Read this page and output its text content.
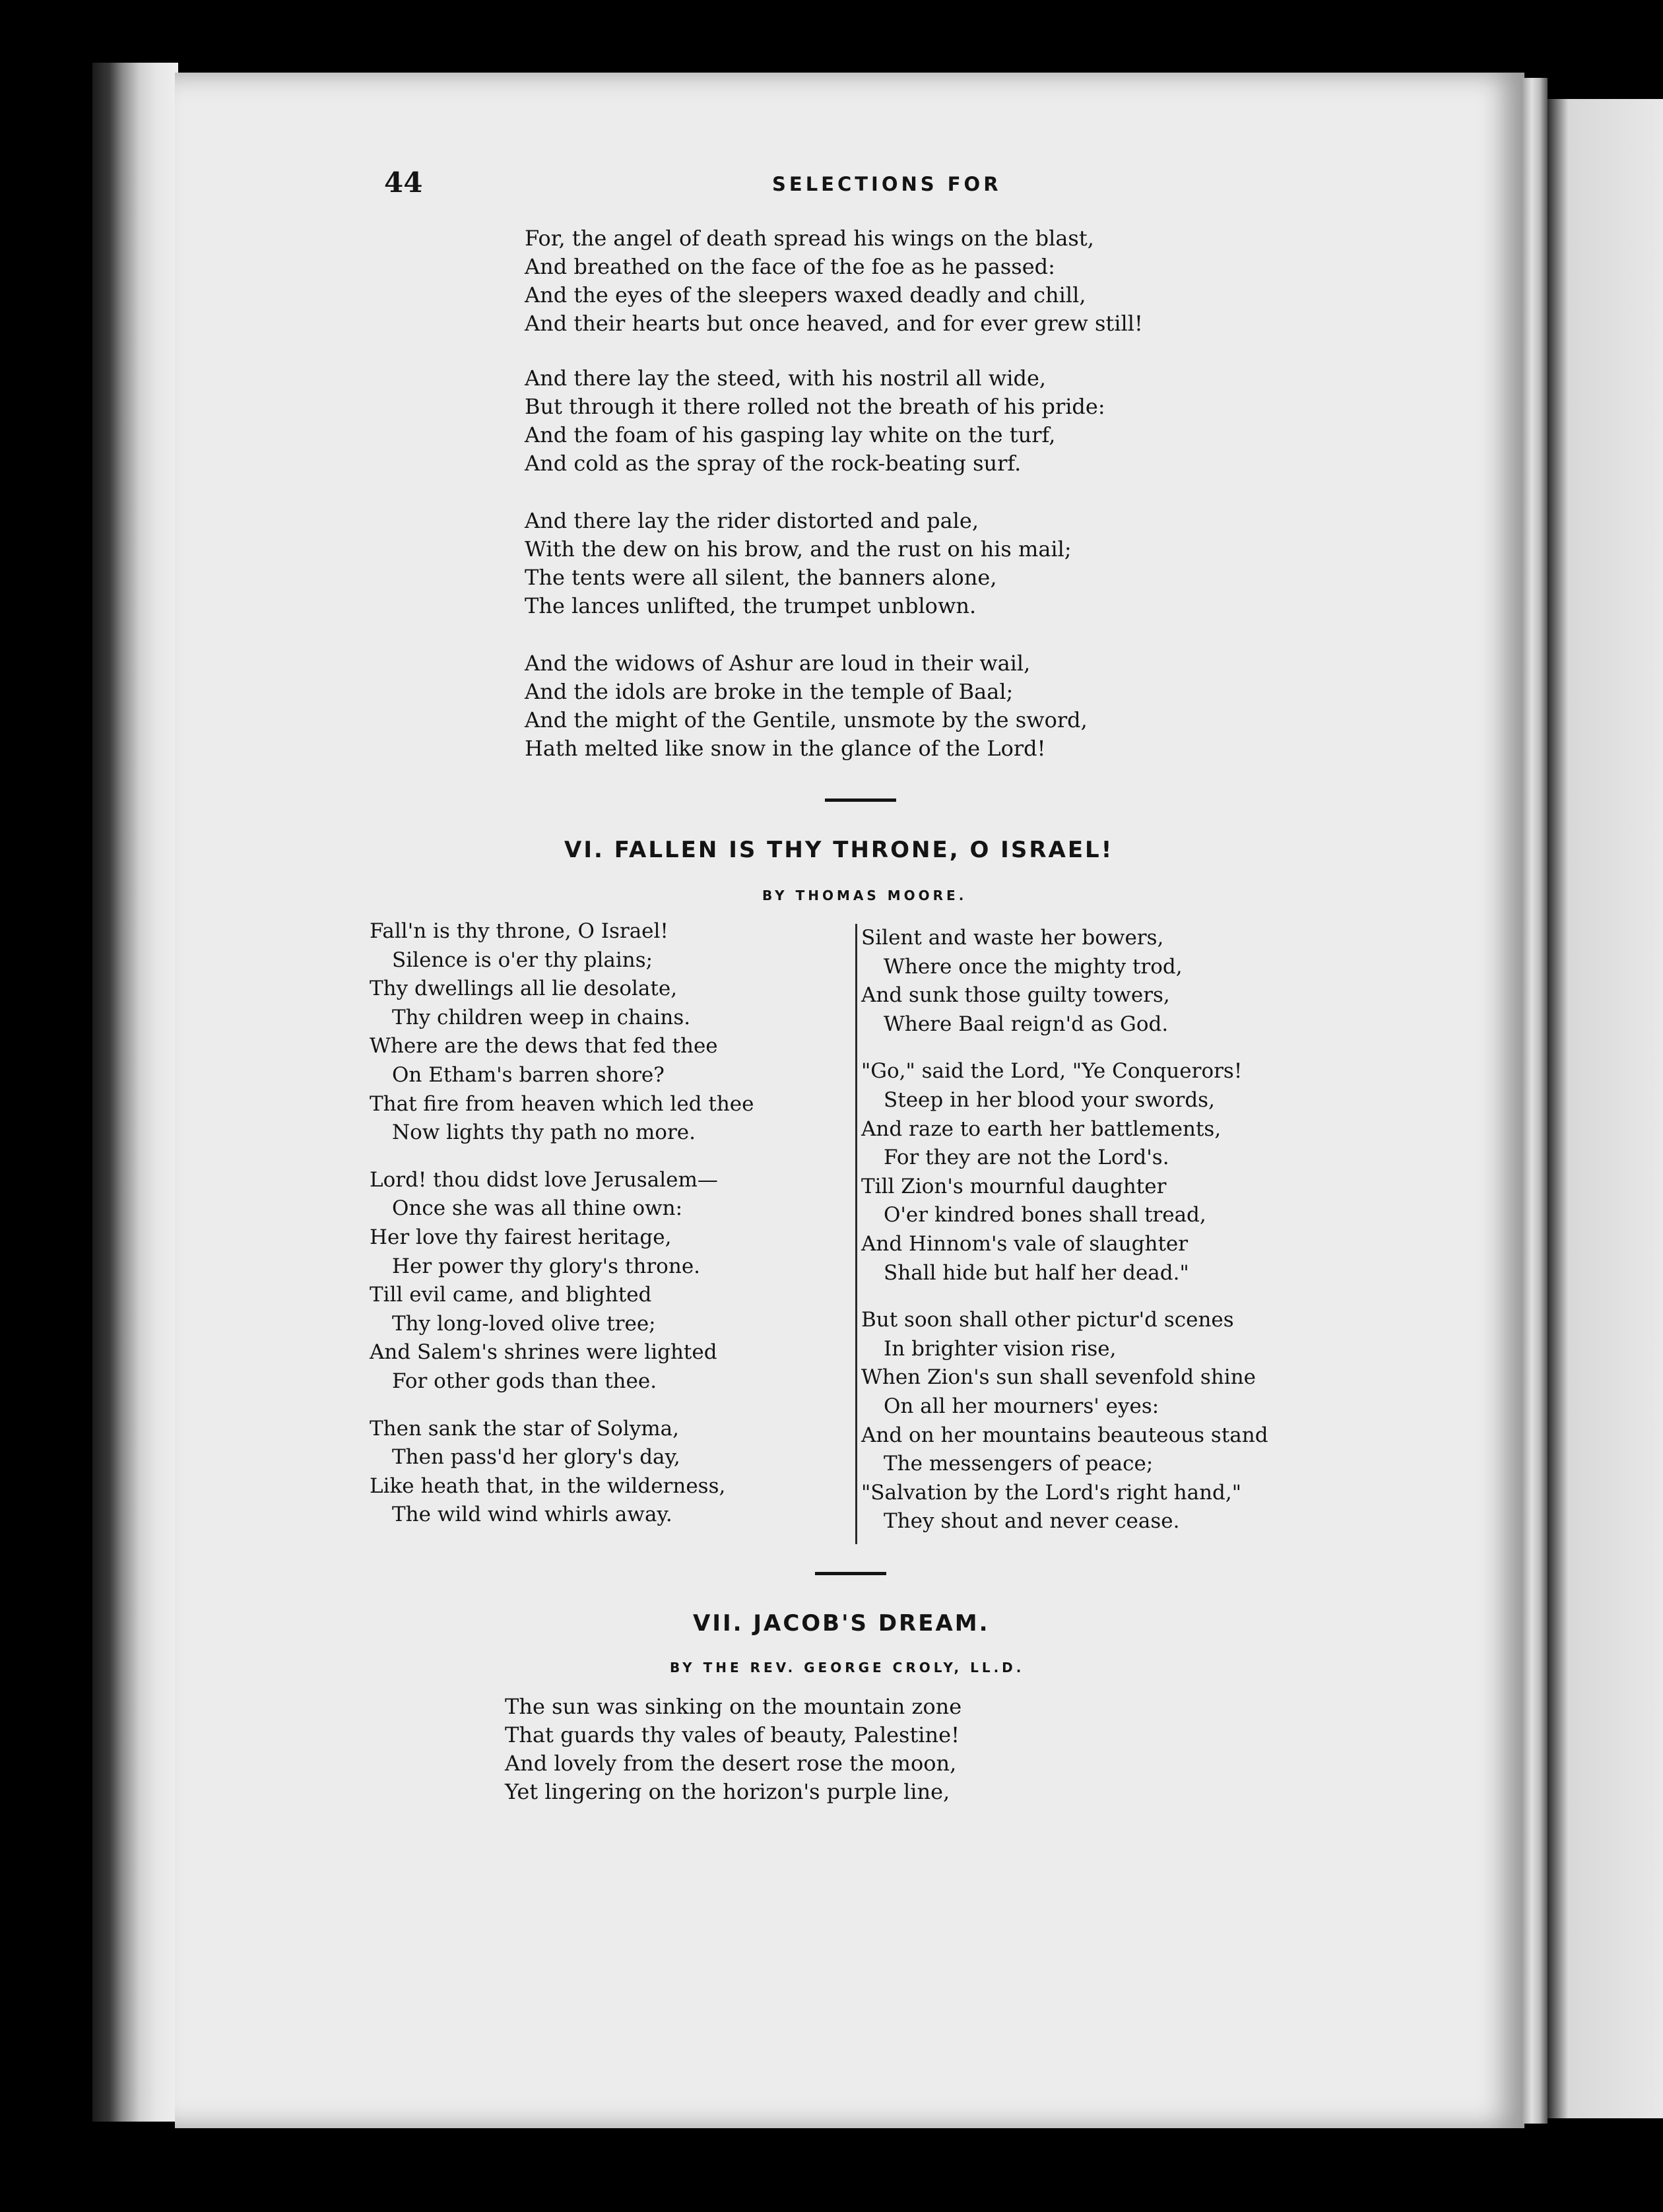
44	SELECTIONS FOR
For, the angel of death spread his wings on the blast,
And breathed on the face of the foe as he passed:
And the eyes of the sleepers waxed deadly and chill,
And their hearts but once heaved, and for ever grew still!
And there lay the steed, with his nostril all wide,
But through it there rolled not the breath of his pride:
And the foam of his gasping lay white on the turf,
And cold as the spray of the rock-beating surf.
And there lay the rider distorted and pale,
With the dew on his brow, and the rust on his mail;
The tents were all silent, the banners alone,
The lances unlifted, the trumpet unblown.
And the widows of Ashur are loud in their wail,
And the idols are broke in the temple of Baal;
And the might of the Gentile, unsmote by the sword,
Hath melted like snow in the glance of the Lord!
VI. FALLEN IS THY THRONE, O ISRAEL!
BY THOMAS MOORE.
Fall'n is thy throne, O Israel!
Silence is o'er thy plains;
Thy dwellings all lie desolate,
Thy children weep in chains.
Where are the dews that fed thee
On Etham's barren shore?
That fire from heaven which led thee
Now lights thy path no more.
Lord! thou didst love Jerusalem—
Once she was all thine own:
Her love thy fairest heritage,
Her power thy glory's throne.
Till evil came, and blighted
Thy long-loved olive tree;
And Salem's shrines were lighted
For other gods than thee.
Then sank the star of Solyma,
Then pass'd her glory's day,
Like heath that, in the wilderness,
The wild wind whirls away.
Silent and waste her bowers,
Where once the mighty trod,
And sunk those guilty towers,
Where Baal reign'd as God.
"Go," said the Lord, "Ye Conquerors!
Steep in her blood your swords,
And raze to earth her battlements,
For they are not the Lord's.
Till Zion's mournful daughter
O'er kindred bones shall tread,
And Hinnom's vale of slaughter
Shall hide but half her dead."
But soon shall other pictur'd scenes
In brighter vision rise,
When Zion's sun shall sevenfold shine
On all her mourners' eyes:
And on her mountains beauteous stand
The messengers of peace;
"Salvation by the Lord's right hand,"
They shout and never cease.
VII. JACOB'S DREAM.
BY THE REV. GEORGE CROLY, LL.D.
The sun was sinking on the mountain zone
That guards thy vales of beauty, Palestine!
And lovely from the desert rose the moon,
Yet lingering on the horizon's purple line,
